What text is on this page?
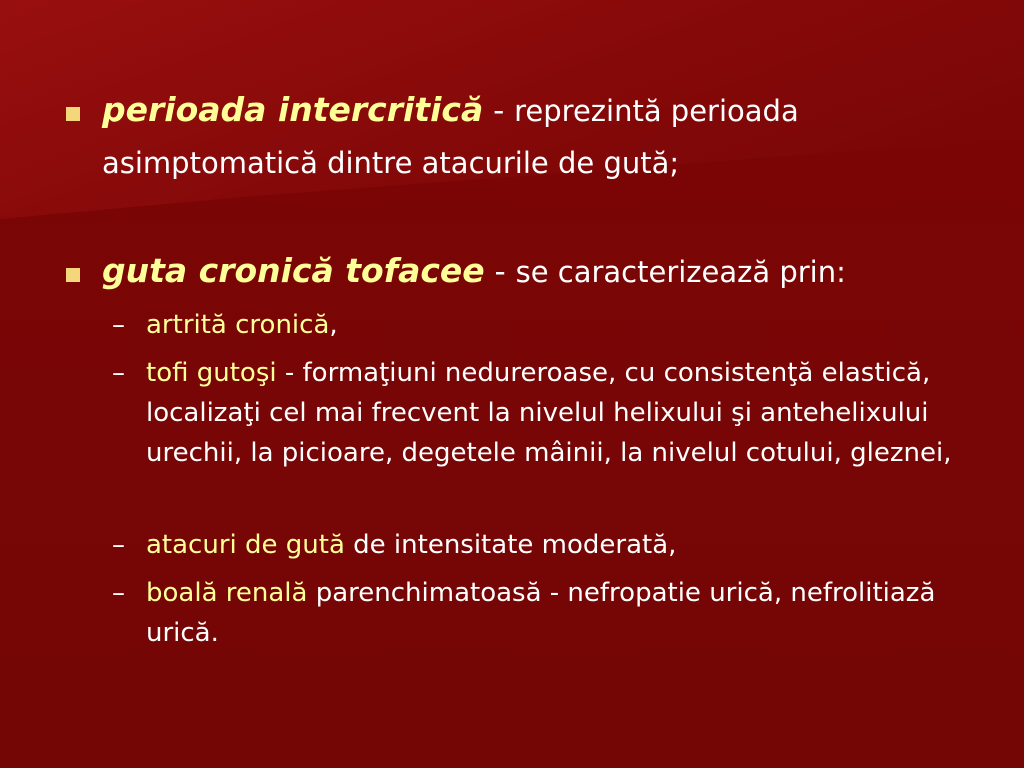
perioada intercritică - reprezintă perioada asimptomatică dintre atacurile de gută;
guta cronică tofacee - se caracterizează prin:
– artrită cronică,
– tofi gutoşi - formaţiuni nedureroase, cu consistenţă elastică, localizaţi cel mai frecvent la nivelul helixului şi antehelixului urechii, la picioare, degetele mâinii, la nivelul cotului, gleznei,
– atacuri de gută de intensitate moderată,
– boală renală parenchimatoasă - nefropatie urică, nefrolitiază urică.
